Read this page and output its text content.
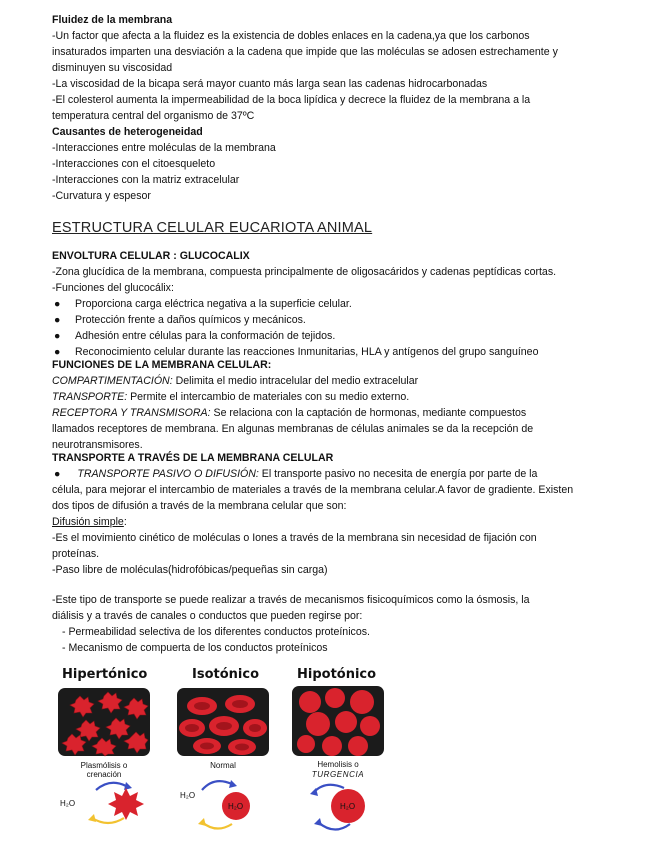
Fluidez de la membrana
-Un factor que afecta a la fluidez es la existencia de dobles enlaces en la cadena,ya que los carbonos
insaturados imparten una desviación a la cadena que impide que las moléculas se adosen estrechamente y
disminuyen su viscosidad
-La viscosidad de la bicapa será mayor cuanto más larga sean las cadenas hidrocarbonadas
-El colesterol aumenta la impermeabilidad de la boca lipídica y decrece la fluidez de la membrana a la
temperatura central del organismo de 37ºC
Causantes de heterogeneidad
-Interacciones entre moléculas de la membrana
-Interacciones con el citoesqueleto
-Interacciones con la matriz extracelular
-Curvatura y espesor
ESTRUCTURA CELULAR EUCARIOTA ANIMAL
ENVOLTURA CELULAR : GLUCOCALIX
-Zona glucídica de la membrana, compuesta principalmente de oligosacáridos y cadenas peptídicas cortas.
-Funciones del glucocálix:
● Proporciona carga eléctrica negativa a la superficie celular.
● Protección frente a daños químicos y mecánicos.
● Adhesión entre células para la conformación de tejidos.
● Reconocimiento celular durante las reacciones Inmunitarias, HLA y antígenos del grupo sanguíneo
FUNCIONES DE LA MEMBRANA CELULAR:
COMPARTIMENTACIÓN: Delimita el medio intracelular del medio extracelular
TRANSPORTE: Permite el intercambio de materiales con su medio externo.
RECEPTORA Y TRANSMISORA: Se relaciona con la captación de hormonas, mediante compuestos
llamados receptores de membrana. En algunas membranas de células animales se da la recepción de
neurotransmisores.
TRANSPORTE A TRAVÉS DE LA MEMBRANA CELULAR
● TRANSPORTE PASIVO O DIFUSIÓN: El transporte pasivo no necesita de energía por parte de la
célula, para mejorar el intercambio de materiales a través de la membrana celular.A favor de gradiente. Existen
dos tipos de difusión a través de la membrana celular que son:
Difusión simple:
-Es el movimiento cinético de moléculas o Iones a través de la membrana sin necesidad de fijación con
proteínas.
-Paso libre de moléculas(hidrofóbicas/pequeñas sin carga)
-Este tipo de transporte se puede realizar a través de mecanismos fisicoquímicos como la ósmosis, la
diálisis y a través de canales o conductos que pueden regirse por:
- Permeabilidad selectiva de los diferentes conductos proteínicos.
- Mecanismo de compuerta de los conductos proteínicos
Hipertónico	Isotónico	Hipotónico
Plasmólisis o
crenación
Normal	Hemolisis o
TURGENCIA
H₂O
H₂O
H₂O	H₂O
